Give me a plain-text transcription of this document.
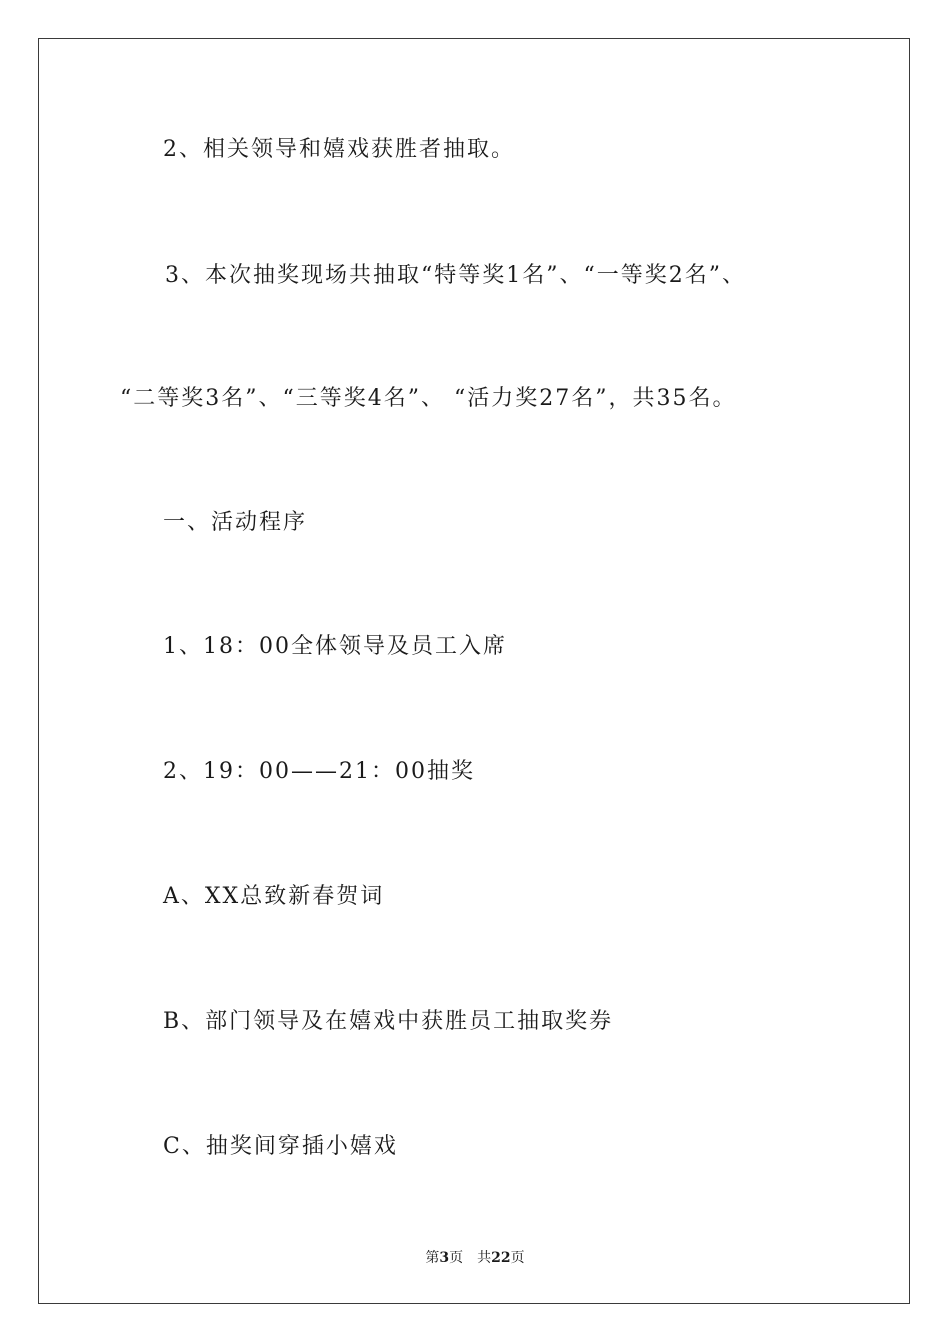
2、相关领导和嬉戏获胜者抽取。
3、本次抽奖现场共抽取“特等奖1名”、“一等奖2名”、
“二等奖3名”、“三等奖4名”、 “活力奖27名”，共35名。
一、活动程序
1、18：00全体领导及员工入席
2、19：00——21：00抽奖
A、XX总致新春贺词
B、部门领导及在嬉戏中获胜员工抽取奖券
C、抽奖间穿插小嬉戏
第3页 共22页
